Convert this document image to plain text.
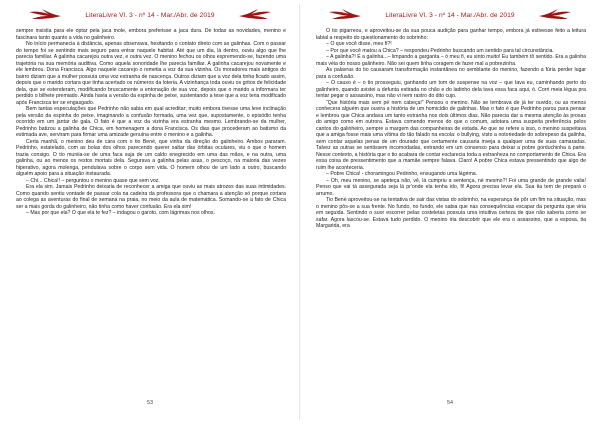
LiteraLivre Vl. 3 - nº 14 - Mar./Abr. de 2019

sempre insistia para ele optar pela jaca mole, embora preferisse a jaca dura. De todas as novidades, menino e fascinara tanto quanto a vida no galinheiro.

No início permanecia à distância, apenas observava, hesitando o contato direto com as galinhas. Com o passar do tempo foi se sentindo mais seguro para entrar naquele habitat. Até que um dia, lá dentro, ouviu algo que lhe parecia familiar. A galinha cacarejou outra vez, e outra vez. O menino fechou os olhos espremendo-se, fazendo uma trajetória na sua memória auditiva. Como aquela sonoridade lhe parecia familiar. A galinha cacarejou novamente e ele lembrou. Dona Francisca. Algo naquele cacarejo o remetia a voz da sua vizinha. Os moradores mais antigos do bairro diziam que a mulher possuía uma voz estranha de nascença. Outros diziam que a voz dela tinha ficado assim, depois que o marido cortara que tinha acertado os números da loteria. A vizinhança toda ouviu os gritos de felicidade dela, que se estenderam, modificando bruscamente a entonação de sua voz, depois que o marido a informara ter perdido o bilhete premiado. Ainda havia a versão da espinha de peixe, sustentando a tese que a voz teria modificado após Francisca ter se engasgado.

Bem tantas especulações que Pedrinho não sabia em qual acreditar; muito embora tivesse uma leve inclinação pela versão da espinha do peixe, imaginando a confusão formada, uma vez que, supostamente, o episódio tenha ocorrido em um jantar de gala. O fato é que a voz da vizinha era estranha mesmo. Lembrando-se da mulher, Pedrinho batizou a galinha de Chica, em homenagem a dona Francisca. Os dias que procederam ao batismo da estimada ave, serviram para firmar uma amizade genuína entre o menino e a galinha.

Certa manhã, o menino deu de cara com o tio Bené, que vinha da direção do galinheiro. Ambos pararam. Pedrinho, estatelado, com as bolas dos olhos parecendo querer saltar das órbitas oculares, viu o que o homem trazia consigo. O tio muniia-se de uma faca suja de um caldo enegrecido em uma das mãos, e na outra, uma galinha, ou ao menos os restos mortais dela. Segurava a galinha pelas asas, o pescoço, na maioria das vezes hiperativo, agora molenga, pendulava sobre o corpo sem vida. O homem olhou de um lado a outro, buscando alguém apoio para a situação instaurada.

– Chi... Chica!! – perguntou o menino quase que sem voz.

Era ela sim. Jamais Pedrinho deixaria de reconhecer a amiga que ouviu as mais atrozes das suas intimidades. Como quando sentiu vontade de passar cola na cadeira da professora que o chamara a atenção só porque cortara ao colega as aventuras do final de semana na praia, no meio da aula de matemática. Somando-se a fato de Chica ser a mais gorda do galinheiro, não tinha como haver confusão. Era ela sim!

– Mas por que ela? O que ela te fez? – indagou o garoto, com lágrimas nos olhos.

53
LiteraLivre Vl. 3 - nº 14 - Mar./Abr. de 2019

O tio pigarreou, e aproveitou-se da sua pouca audição para ganhar tempo, embora já estivesse feito a leitura labial a respeito do questionamento do sobrinho:

– O que você disse, meu fi?!

– Por que você matou a Chica? – respondeu Pedrinho buscando um sentido para tal circunstância.

– A galinha?! É a galinha...– limpando a garganta – ó meu fi, eu sinto muito! Eu também tô sentido. Era a galinha mais véia do nosso galinheiro. Não sei quem tinha coragem de fazer mal a pobrezinha.

As palavras do tio causaram transformação instantânea no semblante do menino, fazendo a fúria perder lugar para a confusão.

– O causo é – o tio prosseguiu, ganhando um tom de suspense na voz – que tava eu, caminhando perto do galinheiro, quando avistei a defunta estirada no chão e do ladinho dela tava essa faca aqui, ó. Corri meia légua pra tentar pegar o assassino, mas não vi nem rastro do dito cujo.

“Que história mais sem pé nem cabeça!” Pensou o menino. Não se lembrava de já ter ouvido, ou as menos conhecera alguém que ouvira a história de um homicídio de galinhas. Mas o fato é que Pedrinho parou para pensar e lembrou que Chica andava um tanto estranha nos dois últimos dias. Não parecia dar a mesma atenção às prosas do amigo como em outrora. Estava comendo menos do que o comum, adotara uma suspeita preferência pelos cantos do galinheiro, sempre a margem das companheiras de estada. Ao que se refere a isso, o menino suspeitava que a amiga fosse mais uma vítima do tão falado na escola: o bullying, visto a notoriedade do sobrepeso da galinha, sem contar aquelas penas de um dourado que certamente causaria inveja a qualquer uma de suas camaradas. Talvez as outras se sentissem incomodadas, entrando em um consenso para deixar a pobre gorduchinha à parte. Nesse contexto, a história que o tio acabara de contar esclarecia toda a estranheza no comportamento de Chica. Era essa coisa de pressentimento que a mamãe sempre falava. Claro! A pobre Chica estava pressentindo que algo de ruim lhe aconteceria.

– Pobre Chica! - choramingou Pedrinho, enxugando uma lágrima.

– Oh, meu menino, se apeteça não, vê, lá cumpriu a sentença, né mesmo?! Foi uma grande de grande valia! Penso que vai tá assegurada seja lá pr'onde ela tenha ido, fi! Agora precisa levar ela. Sua tia tem de prepará o arrumo.

Tio Bené aproveitou-se na tentativa de sair das vistas do sobrinho, na esperança de pôr um fim na situação, mas o menino pôs-se a sua frente. No fundo, no fundo, ele sabia que nas consequências escapar da pergunta que viria em seguida. Sentindo o suor escorrer pelas costeletas possuía uma intuitiva certeza de que não saberia como se safar. Agora lascou-se. Estava tudo perdido. O menino iria descobrir que ele era o assassino, que a esposa, tia Margarida, era

54
